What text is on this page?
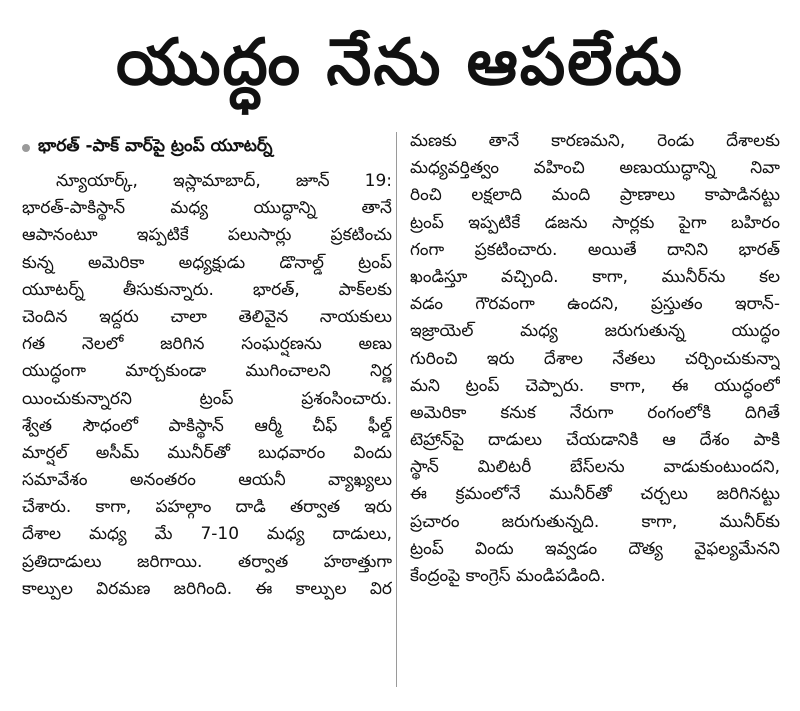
యుద్ధం నేను ఆపలేదు
భారత్ -పాక్ వార్‌పై ట్రంప్ యూటర్న్
న్యూయార్క్, ఇస్లామాబాద్, జూన్ 19:
భారత్-పాకిస్థాన్ మధ్య యుద్ధాన్ని తానే
ఆపానంటూ ఇప్పటికే పలుసార్లు ప్రకటించు
కున్న అమెరికా అధ్యక్షుడు డొనాల్డ్ ట్రంప్
యూటర్న్ తీసుకున్నారు. భారత్, పాక్‌లకు
చెందిన ఇద్దరు చాలా తెలివైన నాయకులు
గత నెలలో జరిగిన సంఘర్షణను అణు
యుద్ధంగా మార్చకుండా ముగించాలని నిర్ణ
యించుకున్నారని ట్రంప్ ప్రశంసించారు.
శ్వేత సౌధంలో పాకిస్థాన్ ఆర్మీ చీఫ్ ఫీల్డ్
మార్షల్ అసీమ్ మునీర్‌తో బుధవారం విందు
సమావేశం అనంతరం ఆయనీ వ్యాఖ్యలు
చేశారు. కాగా, పహల్గాం దాడి తర్వాత ఇరు
దేశాల మధ్య మే 7-10 మధ్య దాడులు,
ప్రతిదాడులు జరిగాయి. తర్వాత హఠాత్తుగా
కాల్పుల విరమణ జరిగింది. ఈ కాల్పుల విర
మణకు తానే కారణమని, రెండు దేశాలకు
మధ్యవర్తిత్వం వహించి అణుయుద్ధాన్ని నివా
రించి లక్షలాది మంది ప్రాణాలు కాపాడినట్టు
ట్రంప్ ఇప్పటికే డజను సార్లకు పైగా బహిరం
గంగా ప్రకటించారు. అయితే దానిని భారత్
ఖండిస్తూ వచ్చింది. కాగా, మునీర్‌ను కల
వడం గౌరవంగా ఉందని, ప్రస్తుతం ఇరాన్-
ఇజ్రాయెల్ మధ్య జరుగుతున్న యుద్ధం
గురించి ఇరు దేశాల నేతలు చర్చించుకున్నా
మని ట్రంప్ చెప్పారు. కాగా, ఈ యుద్ధంలో
అమెరికా కనుక నేరుగా రంగంలోకి దిగితే
టెహ్రాన్‌పై దాడులు చేయడానికి ఆ దేశం పాకి
స్థాన్ మిలిటరీ బేస్‌లను వాడుకుంటుందని,
ఈ క్రమంలోనే మునీర్‌తో చర్చలు జరిగినట్టు
ప్రచారం జరుగుతున్నది. కాగా, మునీర్‌కు
ట్రంప్ విందు ఇవ్వడం దౌత్య వైఫల్యమేనని
కేంద్రంపై కాంగ్రెస్ మండిపడింది.
